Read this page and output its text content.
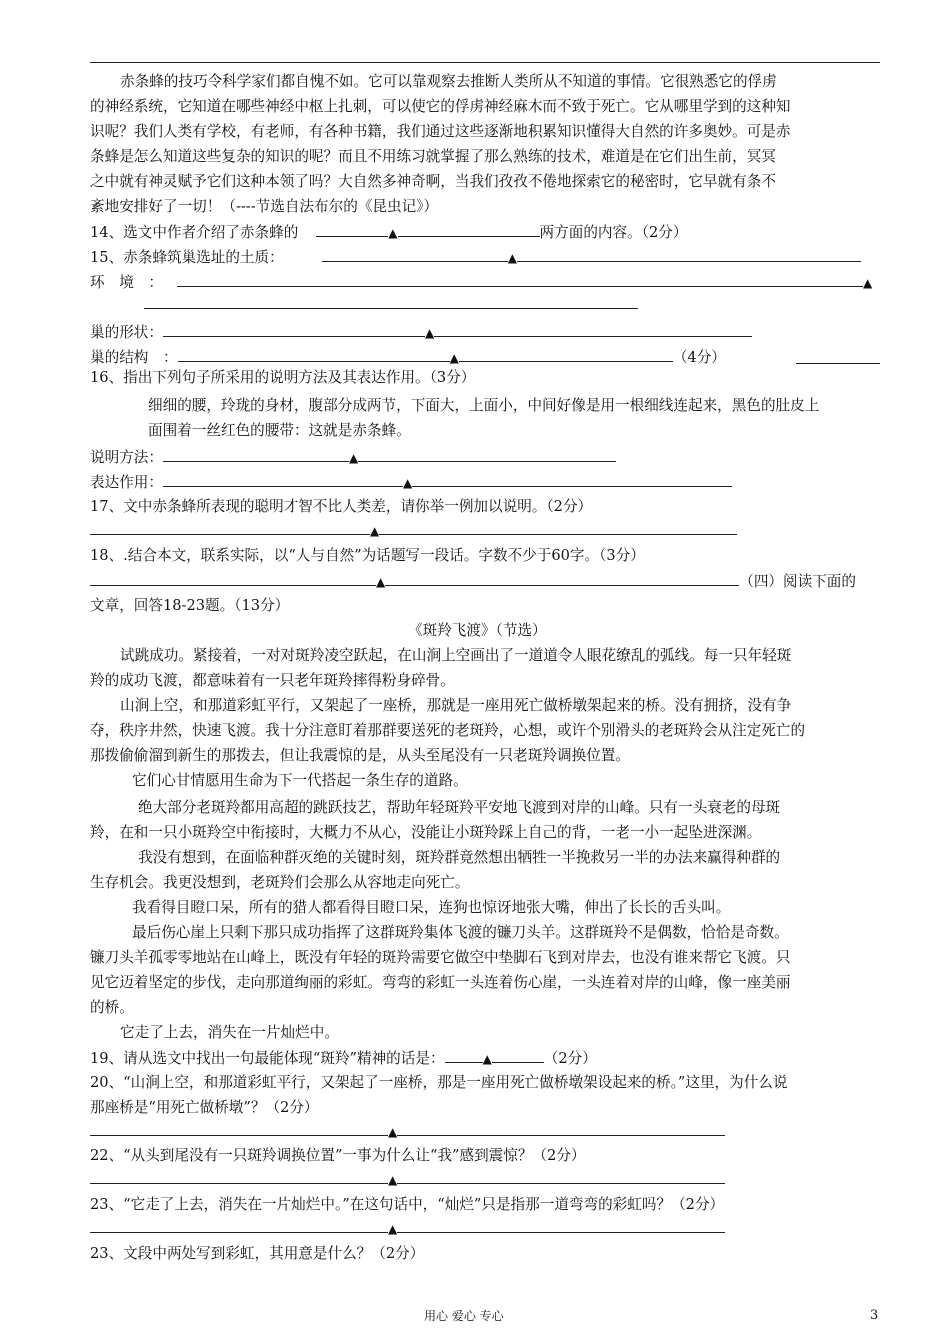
赤条蜂的技巧令科学家们都自愧不如。它可以靠观察去推断人类所从不知道的事情。它很熟悉它的俘虏
的神经系统，它知道在哪些神经中枢上扎刺，可以使它的俘虏神经麻木而不致于死亡。它从哪里学到的这种知
识呢？我们人类有学校，有老师，有各种书籍，我们通过这些逐渐地积累知识懂得大自然的许多奥妙。可是赤
条蜂是怎么知道这些复杂的知识的呢？而且不用练习就掌握了那么熟练的技术，难道是在它们出生前，冥冥
之中就有神灵赋予它们这种本领了吗？大自然多神奇啊，当我们孜孜不倦地探索它的秘密时，它早就有条不
紊地安排好了一切！（----节选自法布尔的《昆虫记》）
14、选文中作者介绍了赤条蜂的	▲	两方面的内容。（2分）
15、赤条蜂筑巢选址的土质：	▲
环　境　：	▲
巢的形状：	▲
巢的结构　：	▲	（4分）
16、指出下列句子所采用的说明方法及其表达作用。（3分）
细细的腰，玲珑的身材，腹部分成两节，下面大，上面小，中间好像是用一根细线连起来，黑色的肚皮上
面围着一丝红色的腰带：这就是赤条蜂。
说明方法：	▲
表达作用：	▲
17、文中赤条蜂所表现的聪明才智不比人类差，请你举一例加以说明。（2分）
▲
18、.结合本文，联系实际，以“人与自然”为话题写一段话。字数不少于60字。（3分）
▲	（四）阅读下面的
文章，回答18-23题。（13分）
《斑羚飞渡》（节选）
试跳成功。紧接着，一对对斑羚凌空跃起，在山涧上空画出了一道道令人眼花缭乱的弧线。每一只年轻斑
羚的成功飞渡，都意味着有一只老年斑羚摔得粉身碎骨。
山涧上空，和那道彩虹平行，又架起了一座桥，那就是一座用死亡做桥墩架起来的桥。没有拥挤，没有争
夺，秩序井然，快速飞渡。我十分注意盯着那群要送死的老斑羚，心想，或许个别滑头的老斑羚会从注定死亡的
那拨偷偷溜到新生的那拨去，但让我震惊的是，从头至尾没有一只老斑羚调换位置。
它们心甘情愿用生命为下一代搭起一条生存的道路。
绝大部分老斑羚都用高超的跳跃技艺，帮助年轻斑羚平安地飞渡到对岸的山峰。只有一头衰老的母斑
羚，在和一只小斑羚空中衔接时，大概力不从心，没能让小斑羚踩上自己的背，一老一小一起坠进深渊。
我没有想到，在面临种群灭绝的关键时刻，斑羚群竟然想出牺牲一半挽救另一半的办法来赢得种群的
生存机会。我更没想到，老斑羚们会那么从容地走向死亡。
我看得目瞪口呆，所有的猎人都看得目瞪口呆，连狗也惊讶地张大嘴，伸出了长长的舌头叫。
最后伤心崖上只剩下那只成功指挥了这群斑羚集体飞渡的镰刀头羊。这群斑羚不是偶数，恰恰是奇数。
镰刀头羊孤零零地站在山峰上，既没有年轻的斑羚需要它做空中垫脚石飞到对岸去，也没有谁来帮它飞渡。只
见它迈着坚定的步伐，走向那道绚丽的彩虹。弯弯的彩虹一头连着伤心崖，一头连着对岸的山峰，像一座美丽
的桥。
它走了上去，消失在一片灿烂中。
19、请从选文中找出一句最能体现“斑羚”精神的话是：	▲	（2分）
20、“山涧上空，和那道彩虹平行，又架起了一座桥，那是一座用死亡做桥墩架设起来的桥。”这里，为什么说
那座桥是“用死亡做桥墩”？（2分）
▲
22、“从头到尾没有一只斑羚调换位置”一事为什么让“我”感到震惊？（2分）
▲
23、“它走了上去，消失在一片灿烂中。”在这句话中，“灿烂”只是指那一道弯弯的彩虹吗？（2分）
▲
23、文段中两处写到彩虹，其用意是什么？（2分）
用心 爱心 专心	3
